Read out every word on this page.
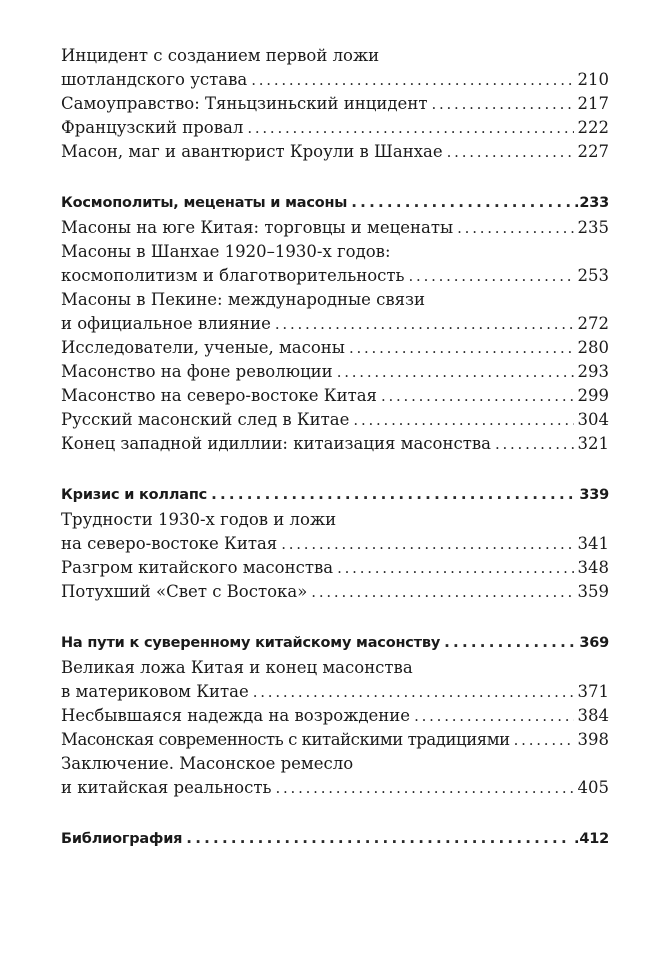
Инцидент с созданием первой ложи
шотландского устава . . .	210
Самоуправство: Тяньцзиньский инцидент . . .	217
Французский провал . . .	222
Масон, маг и авантюрист Кроули в Шанхае . . .	227
Космополиты, меценаты и масоны . . .	.233
Масоны на юге Китая: торговцы и меценаты . . .	235
Масоны в Шанхае 1920–1930-х годов:
космополитизм и благотворительность . . .	253
Масоны в Пекине: международные связи
и официальное влияние . . .	272
Исследователи, ученые, масоны . . .	280
Масонство на фоне революции . . .	293
Масонство на северо-востоке Китая . . .	299
Русский масонский след в Китае . . .	304
Конец западной идиллии: китаизация масонства . . .	321
Кризис и коллапс . . .	339
Трудности 1930-х годов и ложи
на северо-востоке Китая . . .	341
Разгром китайского масонства . . .	348
Потухший «Свет с Востока» . . .	359
На пути к суверенному китайскому масонству . . .	369
Великая ложа Китая и конец масонства
в материковом Китае . . .	371
Несбывшаяся надежда на возрождение . . .	384
Масонская современность с китайскими традициями . . .	398
Заключение. Масонское ремесло
и китайская реальность . . .	405
Библиография . . .	.412
